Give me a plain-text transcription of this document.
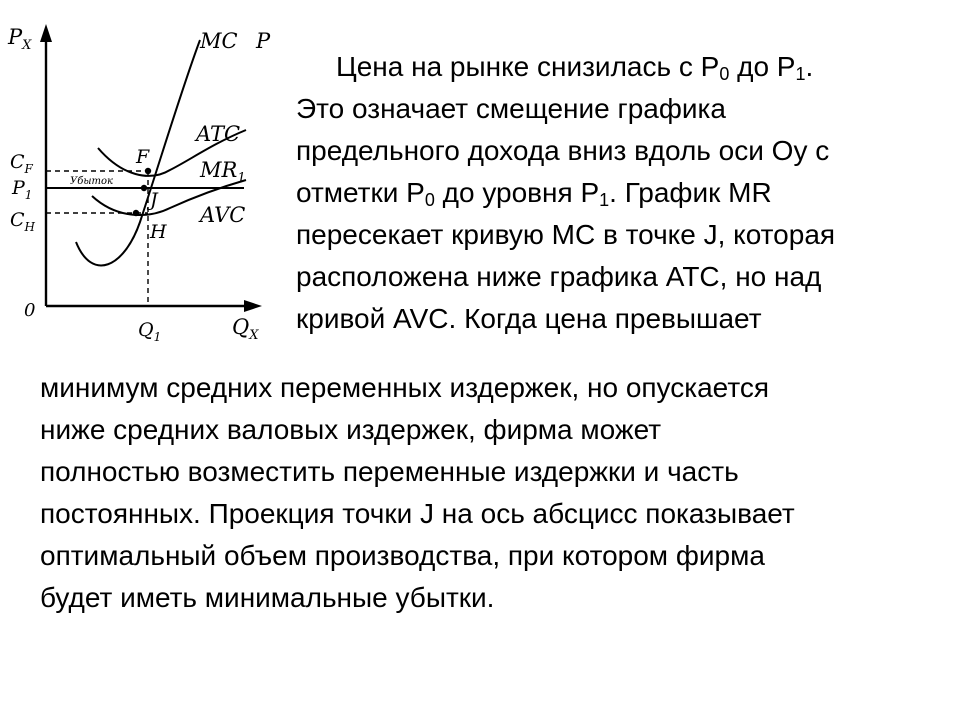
$P_X$
$Q_X$
0
$C_F$
$P_1$
$C_H$
$Q_1$
MC P
ATC
$MR_1$
AVC
F
J
H
Убыток
Цена на рынке снизилась с $Р_0$ до $Р_1$.
Это означает смещение графика
предельного дохода вниз вдоль оси Оу с
отметки $Р_0$ до уровня $Р_1$. График MR
пересекает кривую MC в точке J, которая
расположена ниже графика ATC, но над
кривой AVC. Когда цена превышает
минимум средних переменных издержек, но опускается
ниже средних валовых издержек, фирма может
полностью возместить переменные издержки и часть
постоянных. Проекция точки J на ось абсцисс показывает
оптимальный объем производства, при котором фирма
будет иметь минимальные убытки.
